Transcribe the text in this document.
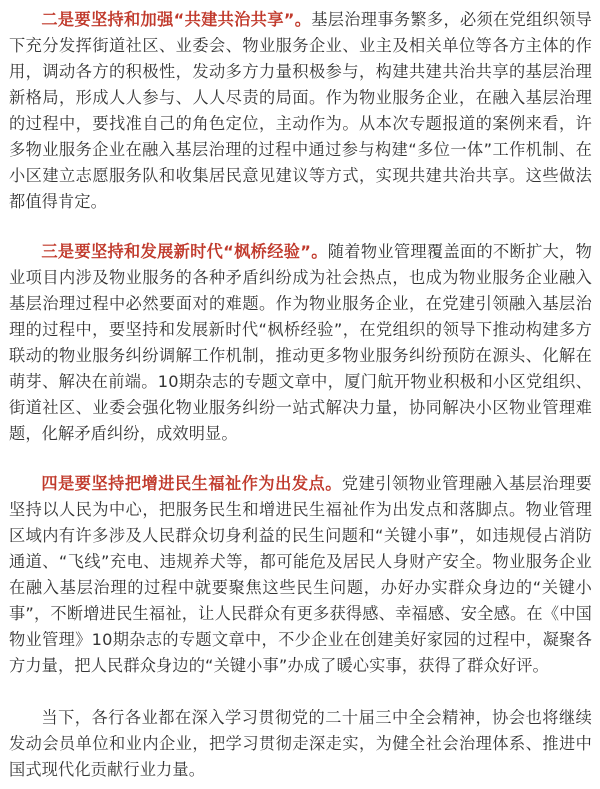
二是要坚持和加强“共建共治共享”。基层治理事务繁多，必须在党组织领导下充分发挥街道社区、业委会、物业服务企业、业主及相关单位等各方主体的作用，调动各方的积极性，发动多方力量积极参与，构建共建共治共享的基层治理新格局，形成人人参与、人人尽责的局面。作为物业服务企业，在融入基层治理的过程中，要找准自己的角色定位，主动作为。从本次专题报道的案例来看，许多物业服务企业在融入基层治理的过程中通过参与构建“多位一体”工作机制、在小区建立志愿服务队和收集居民意见建议等方式，实现共建共治共享。这些做法都值得肯定。

三是要坚持和发展新时代“枫桥经验”。随着物业管理覆盖面的不断扩大，物业项目内涉及物业服务的各种矛盾纠纷成为社会热点，也成为物业服务企业融入基层治理过程中必然要面对的难题。作为物业服务企业，在党建引领融入基层治理的过程中，要坚持和发展新时代“枫桥经验”，在党组织的领导下推动构建多方联动的物业服务纠纷调解工作机制，推动更多物业服务纠纷预防在源头、化解在萌芽、解决在前端。10期杂志的专题文章中，厦门航开物业积极和小区党组织、街道社区、业委会强化物业服务纠纷一站式解决力量，协同解决小区物业管理难题，化解矛盾纠纷，成效明显。

四是要坚持把增进民生福祉作为出发点。党建引领物业管理融入基层治理要坚持以人民为中心，把服务民生和增进民生福祉作为出发点和落脚点。物业管理区域内有许多涉及人民群众切身利益的民生问题和“关键小事”，如违规侵占消防通道、“飞线”充电、违规养犬等，都可能危及居民人身财产安全。物业服务企业在融入基层治理的过程中就要聚焦这些民生问题，办好办实群众身边的“关键小事”，不断增进民生福祉，让人民群众有更多获得感、幸福感、安全感。在《中国物业管理》10期杂志的专题文章中，不少企业在创建美好家园的过程中，凝聚各方力量，把人民群众身边的“关键小事”办成了暖心实事，获得了群众好评。

当下，各行各业都在深入学习贯彻党的二十届三中全会精神，协会也将继续发动会员单位和业内企业，把学习贯彻走深走实，为健全社会治理体系、推进中国式现代化贡献行业力量。
